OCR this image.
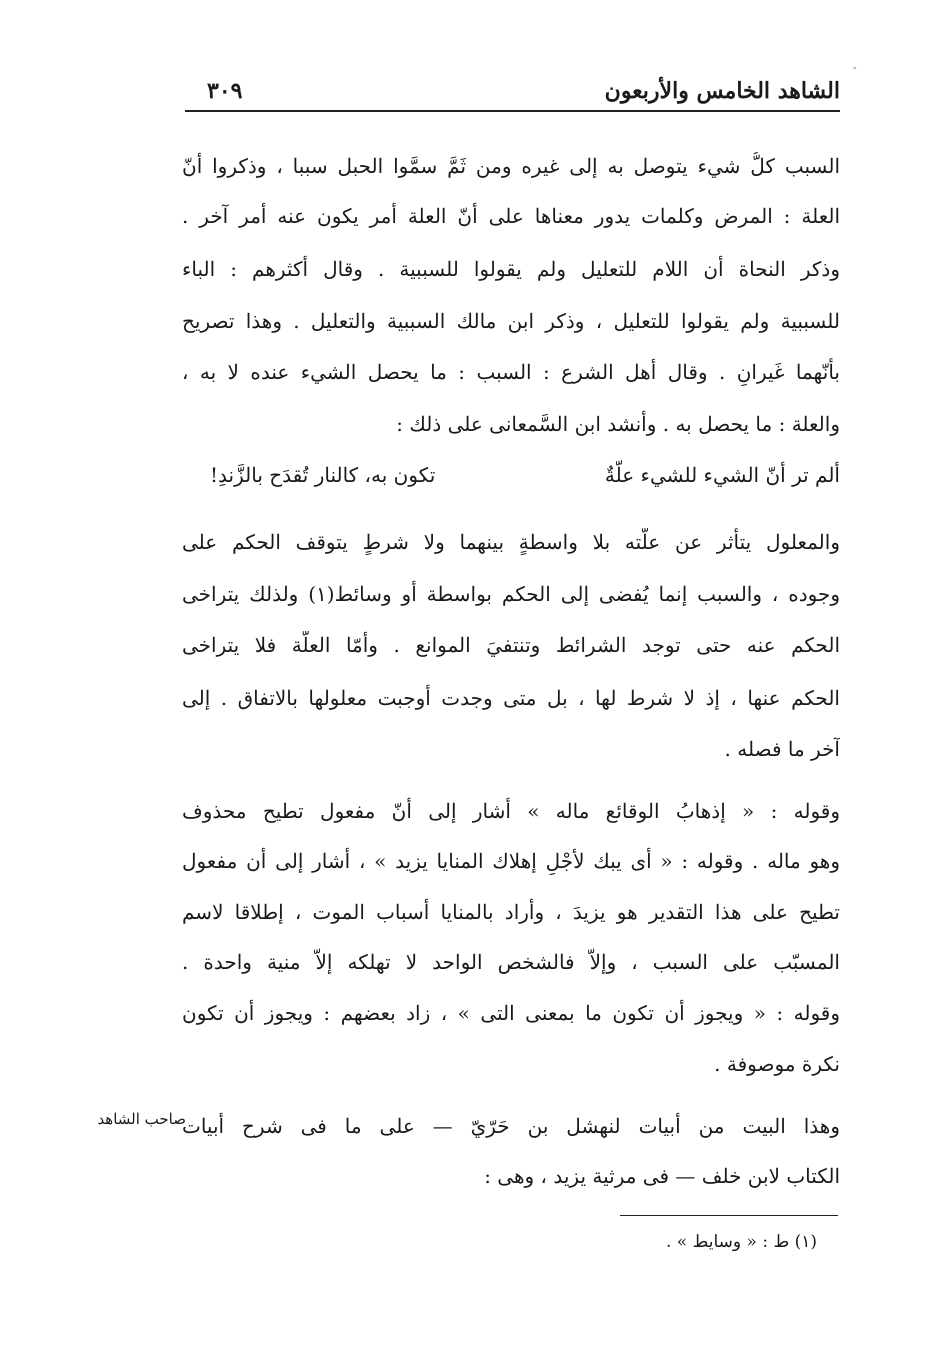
ˇ
الشاهد الخامس والأربعون
٣٠٩
السبب كلُّ شيء يتوصل به إلى غيره ومن ثَمَّ سمَّوا الحبل سببا ، وذكروا أنّ
العلة : المرض وكلمات يدور معناها على أنّ العلة أمر يكون عنه أمر آخر .
وذكر النحاة أن اللام للتعليل ولم يقولوا للسببية . وقال أكثرهم : الباء
للسببية ولم يقولوا للتعليل ، وذكر ابن مالك السببية والتعليل . وهذا تصريح
بأنّهما غَيرانِ . وقال أهل الشرع : السبب : ما يحصل الشيء عنده لا به ،
والعلة : ما يحصل به . وأنشد ابن السَّمعانى على ذلك :
ألم تر أنّ الشيء للشيء علّةٌ
تكون به، كالنار تُقدَح بالزَّندِ!
والمعلول يتأثر عن علّته بلا واسطةٍ بينهما ولا شرطٍ يتوقف الحكم على
وجوده ، والسبب إنما يُفضى إلى الحكم بواسطة أو وسائط(١) ولذلك يتراخى
الحكم عنه حتى توجد الشرائط وتنتفيَ الموانع . وأمّا العلّة فلا يتراخى
الحكم عنها ، إذ لا شرط لها ، بل متى وجدت أوجبت معلولها بالاتفاق . إلى
آخر ما فصله .
وقوله : « إذهابُ الوقائع ماله » أشار إلى أنّ مفعول تطيح محذوف
وهو ماله . وقوله : « أى يبك لأجْلِ إهلاك المنايا يزيد » ، أشار إلى أن مفعول
تطيح على هذا التقدير هو يزيدَ ، وأراد بالمنايا أسباب الموت ، إطلاقا لاسم
المسبّب على السبب ، وإلاّ فالشخص الواحد لا تهلكه إلاّ منية واحدة .
وقوله : « ويجوز أن تكون ما بمعنى التى » ، زاد بعضهم : ويجوز أن تكون
نكرة موصوفة .
وهذا البيت من أبيات لنهشل بن حَرّيّ — على ما فى شرح أبيات
الكتاب لابن خلف — فى مرثية يزيد ، وهى :
صاحب الشاهد
(١) ط : « وسايط » .
